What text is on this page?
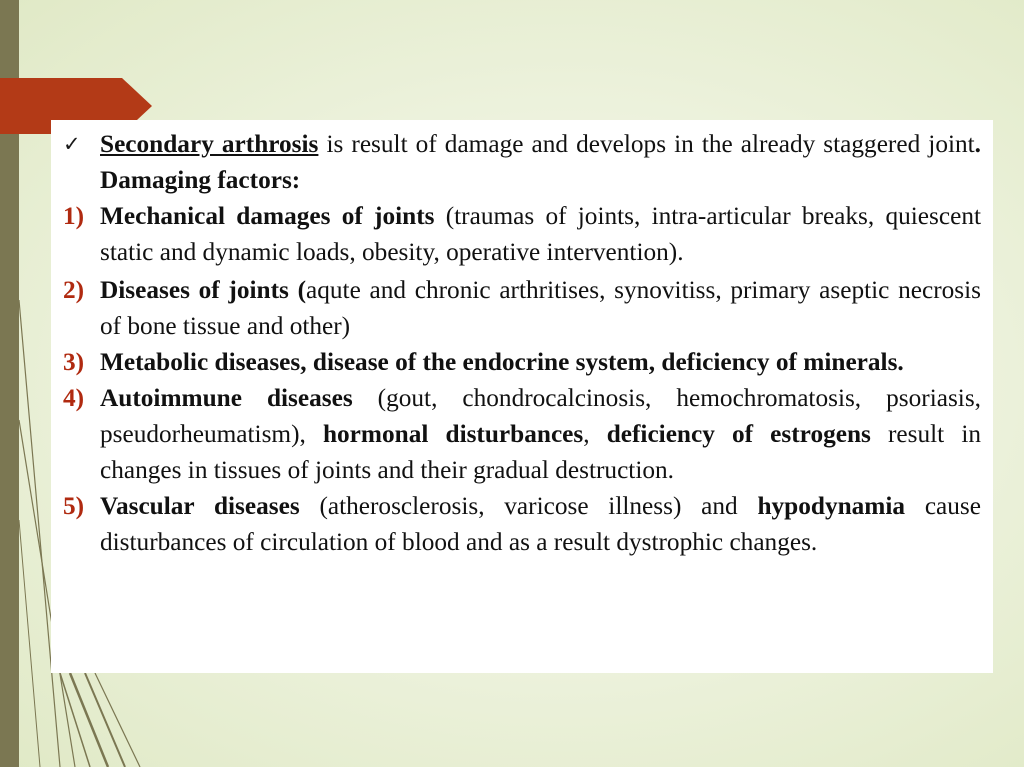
✓ Secondary arthrosis is result of damage and develops in the already staggered joint. Damaging factors:
1) Mechanical damages of joints (traumas of joints, intra-articular breaks, quiescent static and dynamic loads, obesity, operative intervention).
2) Diseases of joints (aqute and chronic arthritises, synovitiss, primary aseptic necrosis of bone tissue and other)
3) Metabolic diseases, disease of the endocrine system, deficiency of minerals.
4) Autoimmune diseases (gout, chondrocalcinosis, hemochromatosis, psoriasis, pseudorheumatism), hormonal disturbances, deficiency of estrogens result in changes in tissues of joints and their gradual destruction.
5) Vascular diseases (atherosclerosis, varicose illness) and hypodynamia cause disturbances of circulation of blood and as a result dystrophic changes.
